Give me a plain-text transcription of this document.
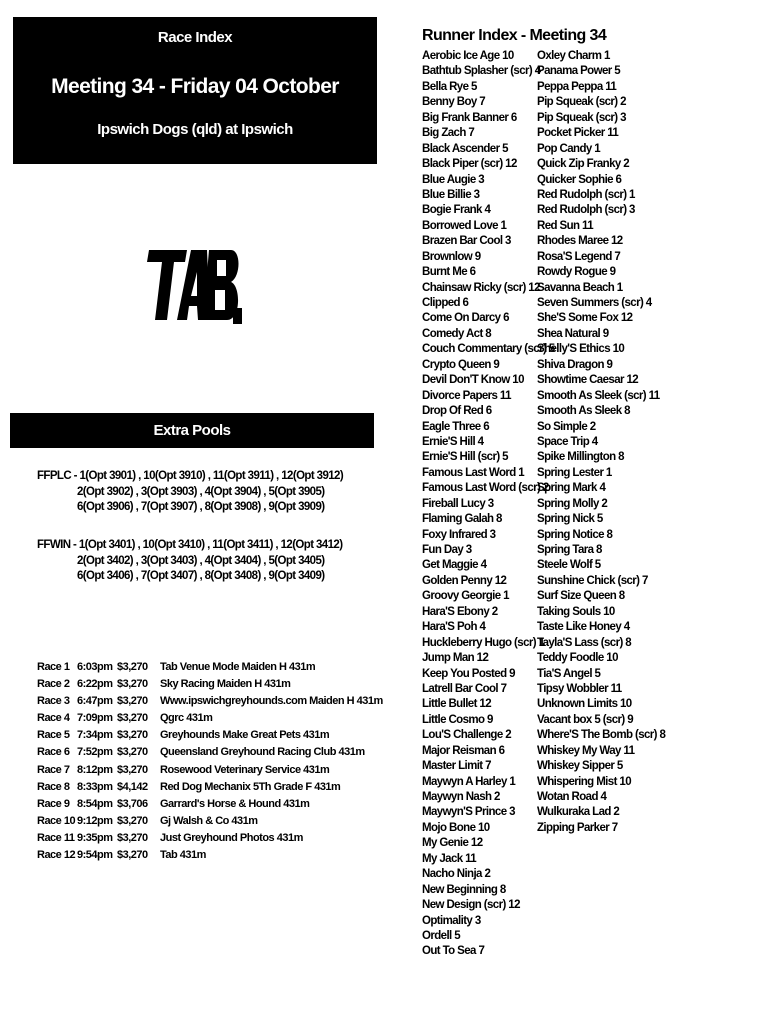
Race Index
Meeting 34 - Friday 04 October
Ipswich Dogs (qld) at Ipswich
Extra Pools
FFPLC - 1(Opt 3901) , 10(Opt 3910) , 11(Opt 3911) , 12(Opt 3912)
2(Opt 3902) , 3(Opt 3903) , 4(Opt 3904) , 5(Opt 3905)
6(Opt 3906) , 7(Opt 3907) , 8(Opt 3908) , 9(Opt 3909)
FFWIN - 1(Opt 3401) , 10(Opt 3410) , 11(Opt 3411) , 12(Opt 3412)
2(Opt 3402) , 3(Opt 3403) , 4(Opt 3404) , 5(Opt 3405)
6(Opt 3406) , 7(Opt 3407) , 8(Opt 3408) , 9(Opt 3409)
Race 1 6:03pm $3,270 Tab Venue Mode Maiden H 431m
Race 2 6:22pm $3,270 Sky Racing Maiden H 431m
Race 3 6:47pm $3,270 Www.ipswichgreyhounds.com Maiden H 431m
Race 4 7:09pm $3,270 Qgrc 431m
Race 5 7:34pm $3,270 Greyhounds Make Great Pets 431m
Race 6 7:52pm $3,270 Queensland Greyhound Racing Club 431m
Race 7 8:12pm $3,270 Rosewood Veterinary Service 431m
Race 8 8:33pm $4,142 Red Dog Mechanix 5Th Grade F 431m
Race 9 8:54pm $3,706 Garrard's Horse & Hound 431m
Race 10 9:12pm $3,270 Gj Walsh & Co 431m
Race 11 9:35pm $3,270 Just Greyhound Photos 431m
Race 12 9:54pm $3,270 Tab 431m
Runner Index - Meeting 34
Aerobic Ice Age 10
Bathtub Splasher (scr) 4
Bella Rye 5
Benny Boy 7
Big Frank Banner 6
Big Zach 7
Black Ascender 5
Black Piper (scr) 12
Blue Augie 3
Blue Billie 3
Bogie Frank 4
Borrowed Love 1
Brazen Bar Cool 3
Brownlow 9
Burnt Me 6
Chainsaw Ricky (scr) 12
Clipped 6
Come On Darcy 6
Comedy Act 8
Couch Commentary (scr) 5
Crypto Queen 9
Devil Don'T Know 10
Divorce Papers 11
Drop Of Red 6
Eagle Three 6
Ernie'S Hill 4
Ernie'S Hill (scr) 5
Famous Last Word 1
Famous Last Word (scr) 2
Fireball Lucy 3
Flaming Galah 8
Foxy Infrared 3
Fun Day 3
Get Maggie 4
Golden Penny 12
Groovy Georgie 1
Hara'S Ebony 2
Hara'S Poh 4
Huckleberry Hugo (scr) 1
Jump Man 12
Keep You Posted 9
Latrell Bar Cool 7
Little Bullet 12
Little Cosmo 9
Lou'S Challenge 2
Major Reisman 6
Master Limit 7
Maywyn A Harley 1
Maywyn Nash 2
Maywyn'S Prince 3
Mojo Bone 10
My Genie 12
My Jack 11
Nacho Ninja 2
New Beginning 8
New Design (scr) 12
Optimality 3
Ordell 5
Out To Sea 7
Oxley Charm 1
Panama Power 5
Peppa Peppa 11
Pip Squeak (scr) 2
Pip Squeak (scr) 3
Pocket Picker 11
Pop Candy 1
Quick Zip Franky 2
Quicker Sophie 6
Red Rudolph (scr) 1
Red Rudolph (scr) 3
Red Sun 11
Rhodes Maree 12
Rosa'S Legend 7
Rowdy Rogue 9
Savanna Beach 1
Seven Summers (scr) 4
She'S Some Fox 12
Shea Natural 9
Shelly'S Ethics 10
Shiva Dragon 9
Showtime Caesar 12
Smooth As Sleek (scr) 11
Smooth As Sleek 8
So Simple 2
Space Trip 4
Spike Millington 8
Spring Lester 1
Spring Mark 4
Spring Molly 2
Spring Nick 5
Spring Notice 8
Spring Tara 8
Steele Wolf 5
Sunshine Chick (scr) 7
Surf Size Queen 8
Taking Souls 10
Taste Like Honey 4
Tayla'S Lass (scr) 8
Teddy Foodle 10
Tia'S Angel 5
Tipsy Wobbler 11
Unknown Limits 10
Vacant box 5 (scr) 9
Where'S The Bomb (scr) 8
Whiskey My Way 11
Whiskey Sipper 5
Whispering Mist 10
Wotan Road 4
Wulkuraka Lad 2
Zipping Parker 7
